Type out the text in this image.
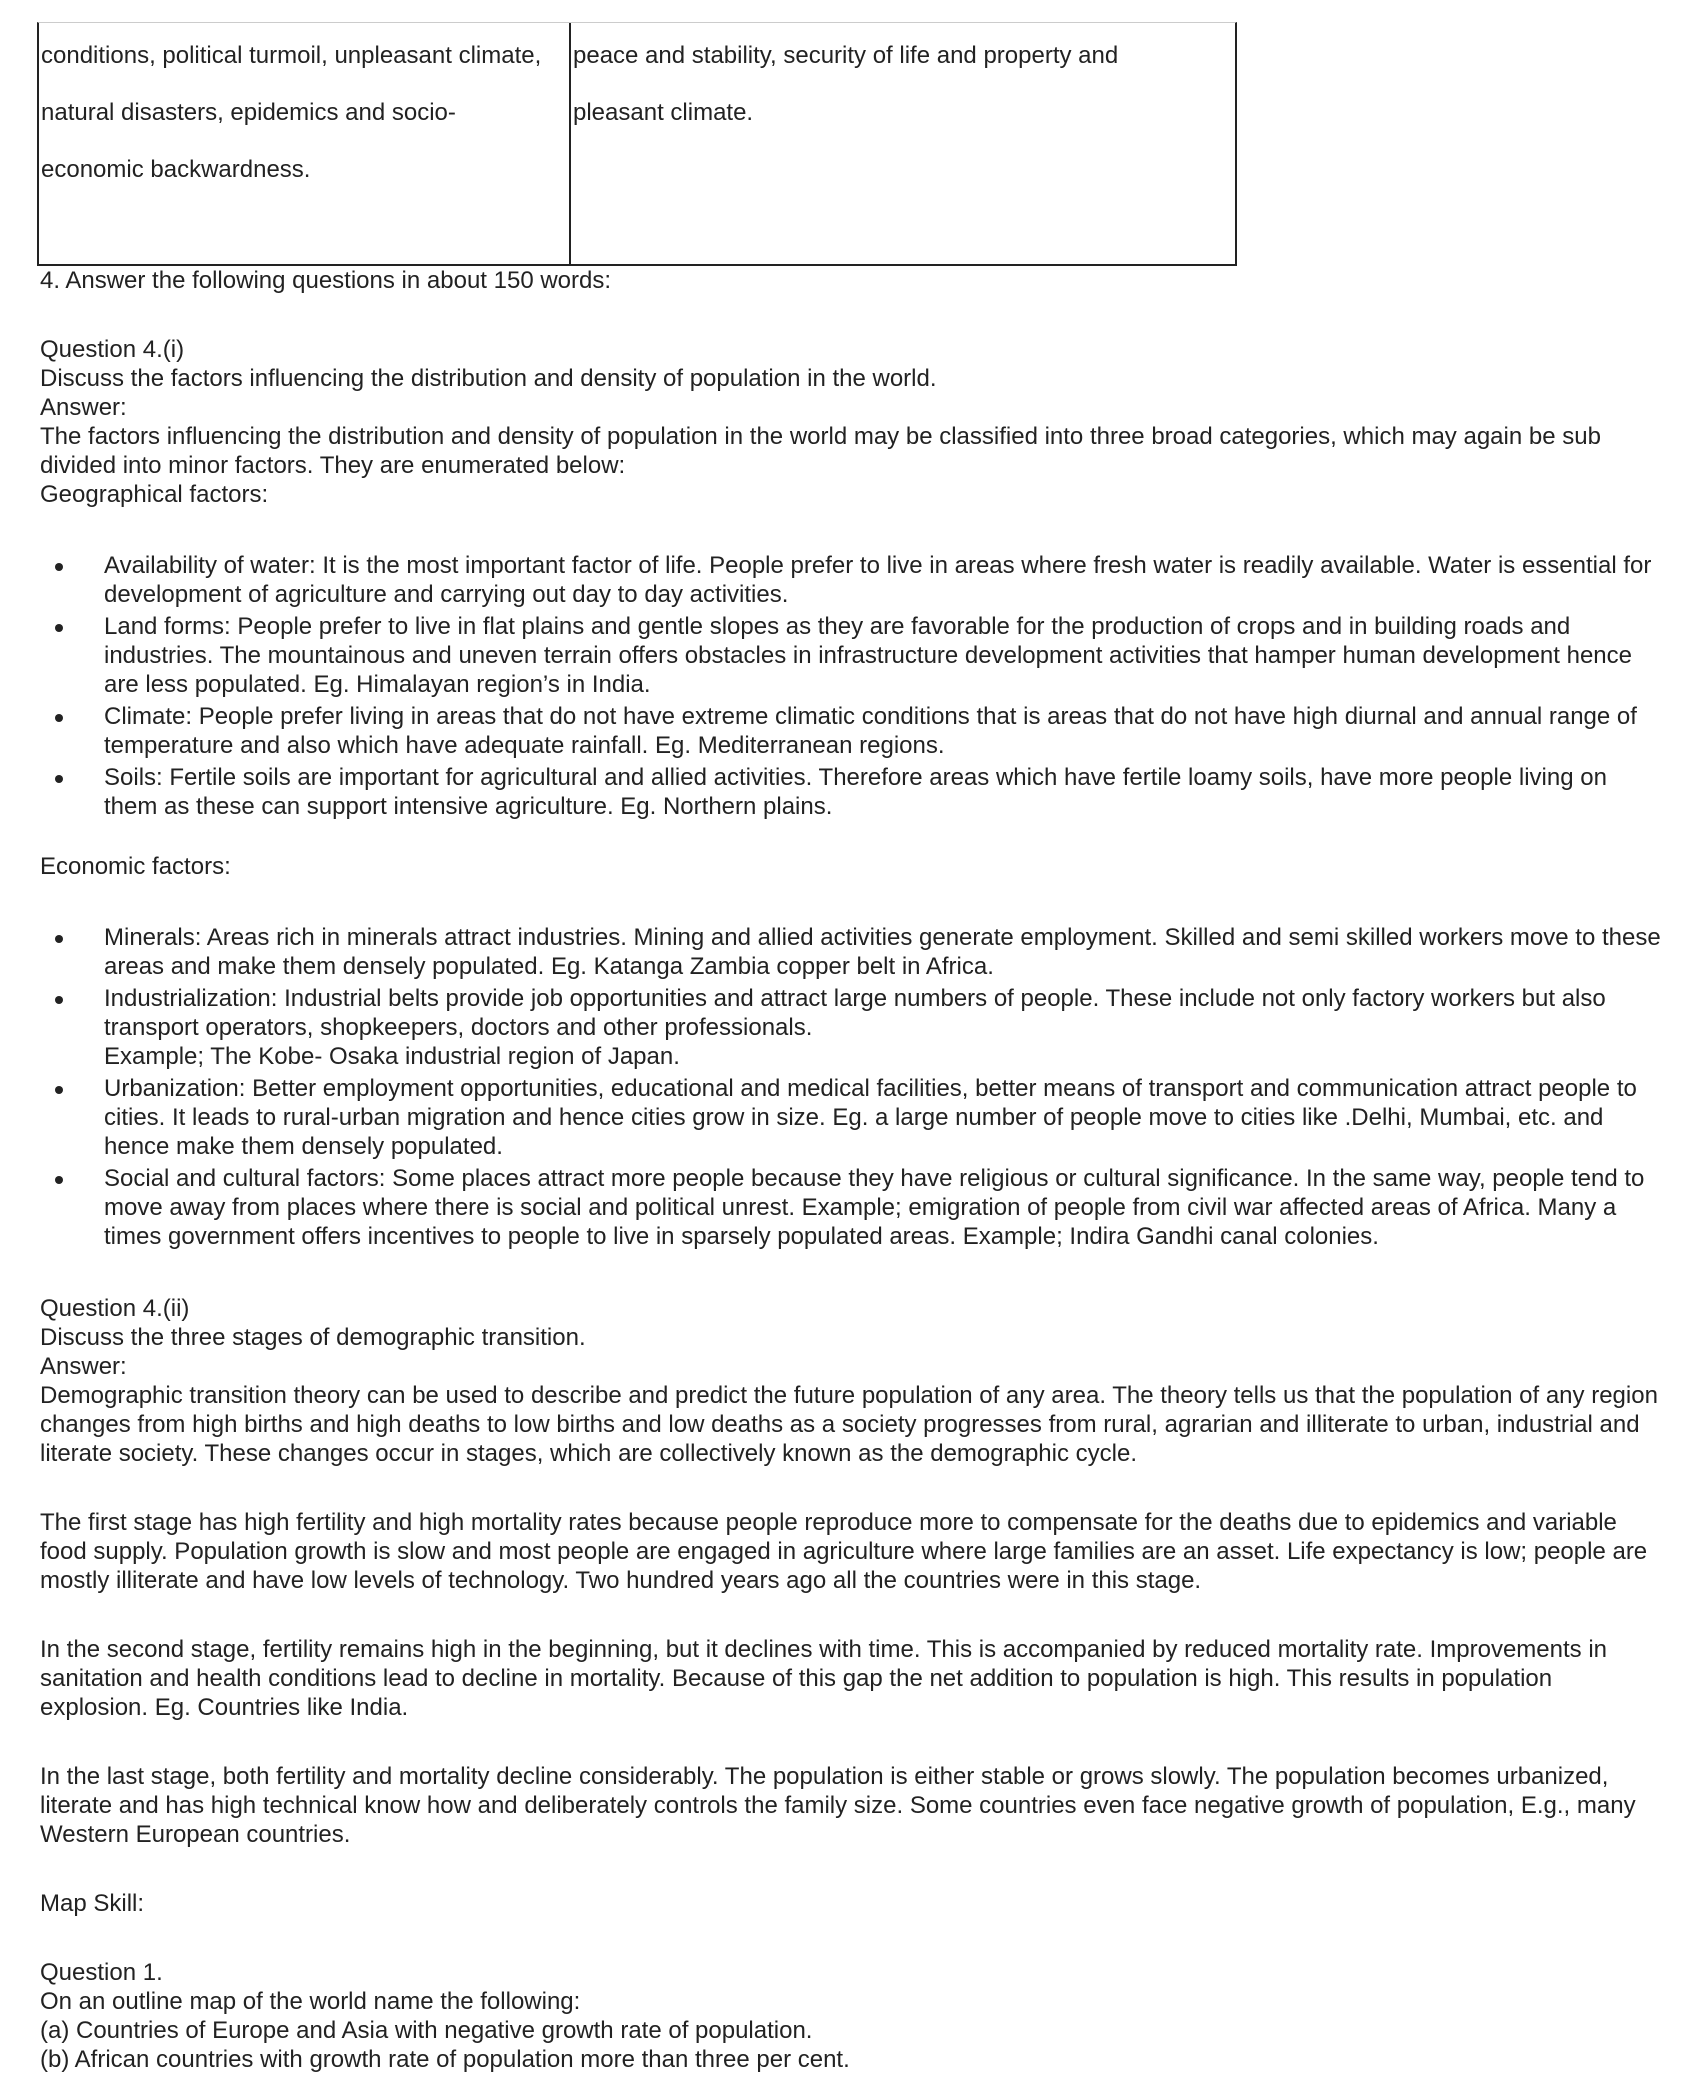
conditions, political turmoil, unpleasant climate,
natural disasters, epidemics and socio-
economic backwardness.
peace and stability, security of life and property and
pleasant climate.

4. Answer the following questions in about 150 words:

Question 4.(i)

Discuss the factors influencing the distribution and density of population in the world.

Answer:

The factors influencing the distribution and density of population in the world may be classified into three broad categories, which may again be sub divided into minor factors. They are enumerated below:

Geographical factors:

Availability of water: It is the most important factor of life. People prefer to live in areas where fresh water is readily available. Water is essential for development of agriculture and carrying out day to day activities.
Land forms: People prefer to live in flat plains and gentle slopes as they are favorable for the production of crops and in building roads and industries. The mountainous and uneven terrain offers obstacles in infrastructure development activities that hamper human development hence are less populated. Eg. Himalayan region’s in India.
Climate: People prefer living in areas that do not have extreme climatic conditions that is areas that do not have high diurnal and annual range of temperature and also which have adequate rainfall. Eg. Mediterranean regions.
Soils: Fertile soils are important for agricultural and allied activities. Therefore areas which have fertile loamy soils, have more people living on them as these can support intensive agriculture. Eg. Northern plains.

Economic factors:

Minerals: Areas rich in minerals attract industries. Mining and allied activities generate employment. Skilled and semi skilled workers move to these areas and make them densely populated. Eg. Katanga Zambia copper belt in Africa.
Industrialization: Industrial belts provide job opportunities and attract large numbers of people. These include not only factory workers but also transport operators, shopkeepers, doctors and other professionals.
Example; The Kobe- Osaka industrial region of Japan.
Urbanization: Better employment opportunities, educational and medical facilities, better means of transport and communication attract people to cities. It leads to rural-urban migration and hence cities grow in size. Eg. a large number of people move to cities like .Delhi, Mumbai, etc. and hence make them densely populated.
Social and cultural factors: Some places attract more people because they have religious or cultural significance. In the same way, people tend to move away from places where there is social and political unrest. Example; emigration of people from civil war affected areas of Africa. Many a times government offers incentives to people to live in sparsely populated areas. Example; Indira Gandhi canal colonies.

Question 4.(ii)

Discuss the three stages of demographic transition.

Answer:

Demographic transition theory can be used to describe and predict the future population of any area. The theory tells us that the population of any region changes from high births and high deaths to low births and low deaths as a society progresses from rural, agrarian and illiterate to urban, industrial and literate society. These changes occur in stages, which are collectively known as the demographic cycle.

The first stage has high fertility and high mortality rates because people reproduce more to compensate for the deaths due to epidemics and variable food supply. Population growth is slow and most people are engaged in agriculture where large families are an asset. Life expectancy is low; people are mostly illiterate and have low levels of technology. Two hundred years ago all the countries were in this stage.

In the second stage, fertility remains high in the beginning, but it declines with time. This is accompanied by reduced mortality rate. Improvements in sanitation and health conditions lead to decline in mortality. Because of this gap the net addition to population is high. This results in population explosion. Eg. Countries like India.

In the last stage, both fertility and mortality decline considerably. The population is either stable or grows slowly. The population becomes urbanized, literate and has high technical know how and deliberately controls the family size. Some countries even face negative growth of population, E.g., many Western European countries.

Map Skill:

Question 1.

On an outline map of the world name the following:

(a) Countries of Europe and Asia with negative growth rate of population.

(b) African countries with growth rate of population more than three per cent.
